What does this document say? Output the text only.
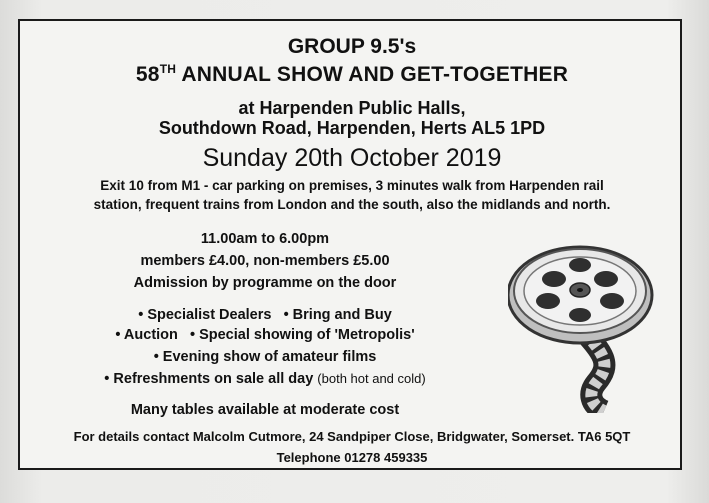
GROUP 9.5's
58TH ANNUAL SHOW AND GET-TOGETHER
at Harpenden Public Halls,
Southdown Road, Harpenden, Herts AL5 1PD
Sunday 20th October 2019
Exit 10 from M1 - car parking on premises, 3 minutes walk from Harpenden rail
station, frequent trains from London and the south, also the midlands and north.
11.00am to 6.00pm
members £4.00, non-members £5.00
Admission by programme on the door
• Specialist Dealers • Bring and Buy
• Auction • Special showing of 'Metropolis'
• Evening show of amateur films
• Refreshments on sale all day (both hot and cold)
Many tables available at moderate cost
For details contact Malcolm Cutmore, 24 Sandpiper Close, Bridgwater, Somerset. TA6 5QT
Telephone 01278 459335
